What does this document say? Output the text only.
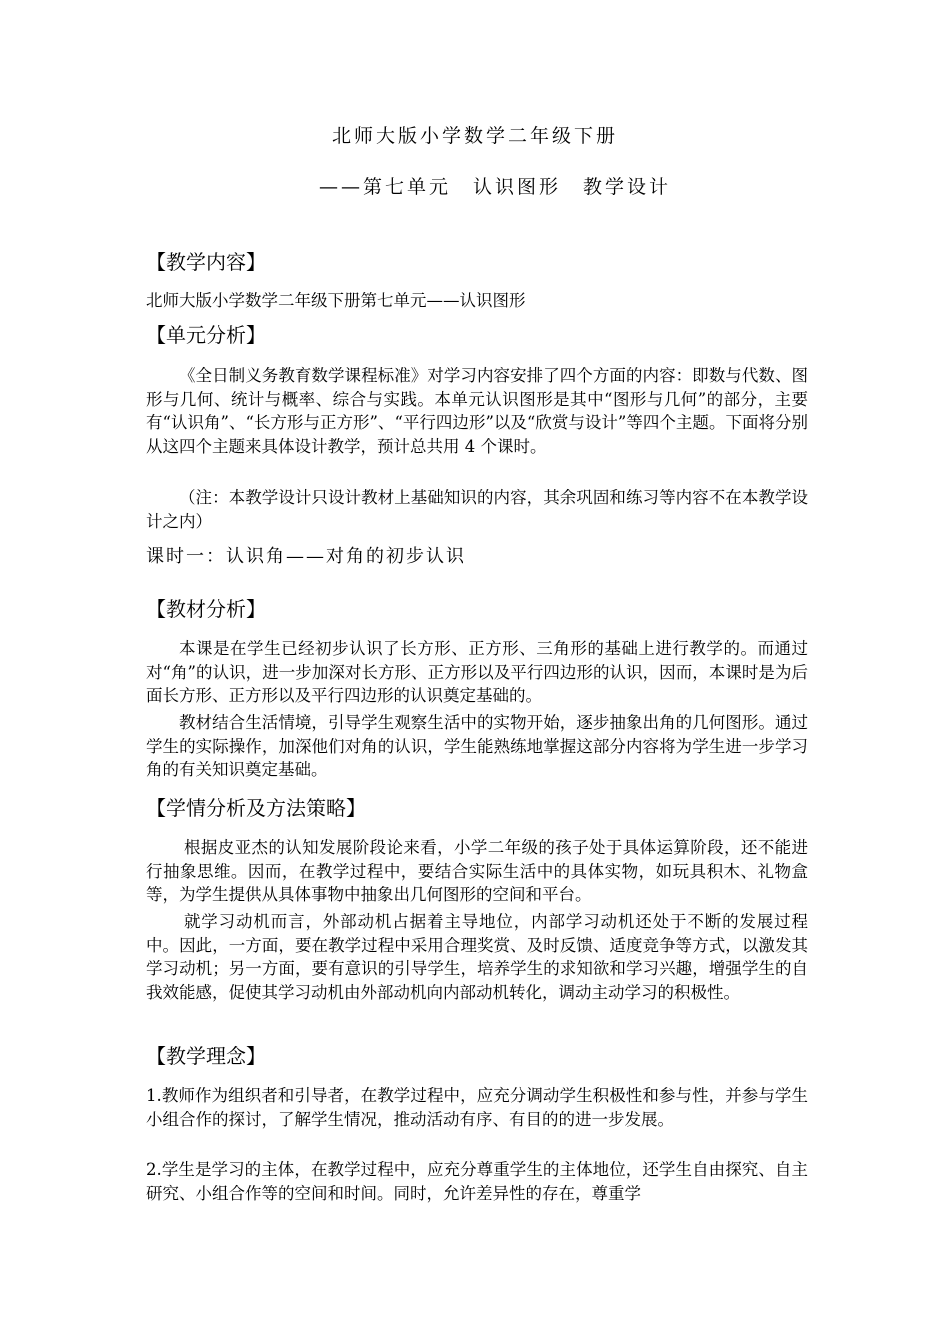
北师大版小学数学二年级下册
——第七单元　认识图形　教学设计
【教学内容】
北师大版小学数学二年级下册第七单元——认识图形
【单元分析】
《全日制义务教育数学课程标准》对学习内容安排了四个方面的内容：即数与代数、图形与几何、统计与概率、综合与实践。本单元认识图形是其中“图形与几何”的部分，主要有“认识角”、“长方形与正方形”、“平行四边形”以及“欣赏与设计”等四个主题。下面将分别从这四个主题来具体设计教学，预计总共用 4 个课时。
（注：本教学设计只设计教材上基础知识的内容，其余巩固和练习等内容不在本教学设计之内）
课时一：认识角——对角的初步认识
【教材分析】
本课是在学生已经初步认识了长方形、正方形、三角形的基础上进行教学的。而通过对“角”的认识，进一步加深对长方形、正方形以及平行四边形的认识，因而，本课时是为后面长方形、正方形以及平行四边形的认识奠定基础的。
教材结合生活情境，引导学生观察生活中的实物开始，逐步抽象出角的几何图形。通过学生的实际操作，加深他们对角的认识，学生能熟练地掌握这部分内容将为学生进一步学习角的有关知识奠定基础。
【学情分析及方法策略】
根据皮亚杰的认知发展阶段论来看，小学二年级的孩子处于具体运算阶段，还不能进行抽象思维。因而，在教学过程中，要结合实际生活中的具体实物，如玩具积木、礼物盒等，为学生提供从具体事物中抽象出几何图形的空间和平台。
就学习动机而言，外部动机占据着主导地位，内部学习动机还处于不断的发展过程中。因此，一方面，要在教学过程中采用合理奖赏、及时反馈、适度竞争等方式，以激发其学习动机；另一方面，要有意识的引导学生，培养学生的求知欲和学习兴趣，增强学生的自我效能感，促使其学习动机由外部动机向内部动机转化，调动主动学习的积极性。
【教学理念】
1.教师作为组织者和引导者，在教学过程中，应充分调动学生积极性和参与性，并参与学生小组合作的探讨，了解学生情况，推动活动有序、有目的的进一步发展。
2.学生是学习的主体，在教学过程中，应充分尊重学生的主体地位，还学生自由探究、自主研究、小组合作等的空间和时间。同时，允许差异性的存在，尊重学
